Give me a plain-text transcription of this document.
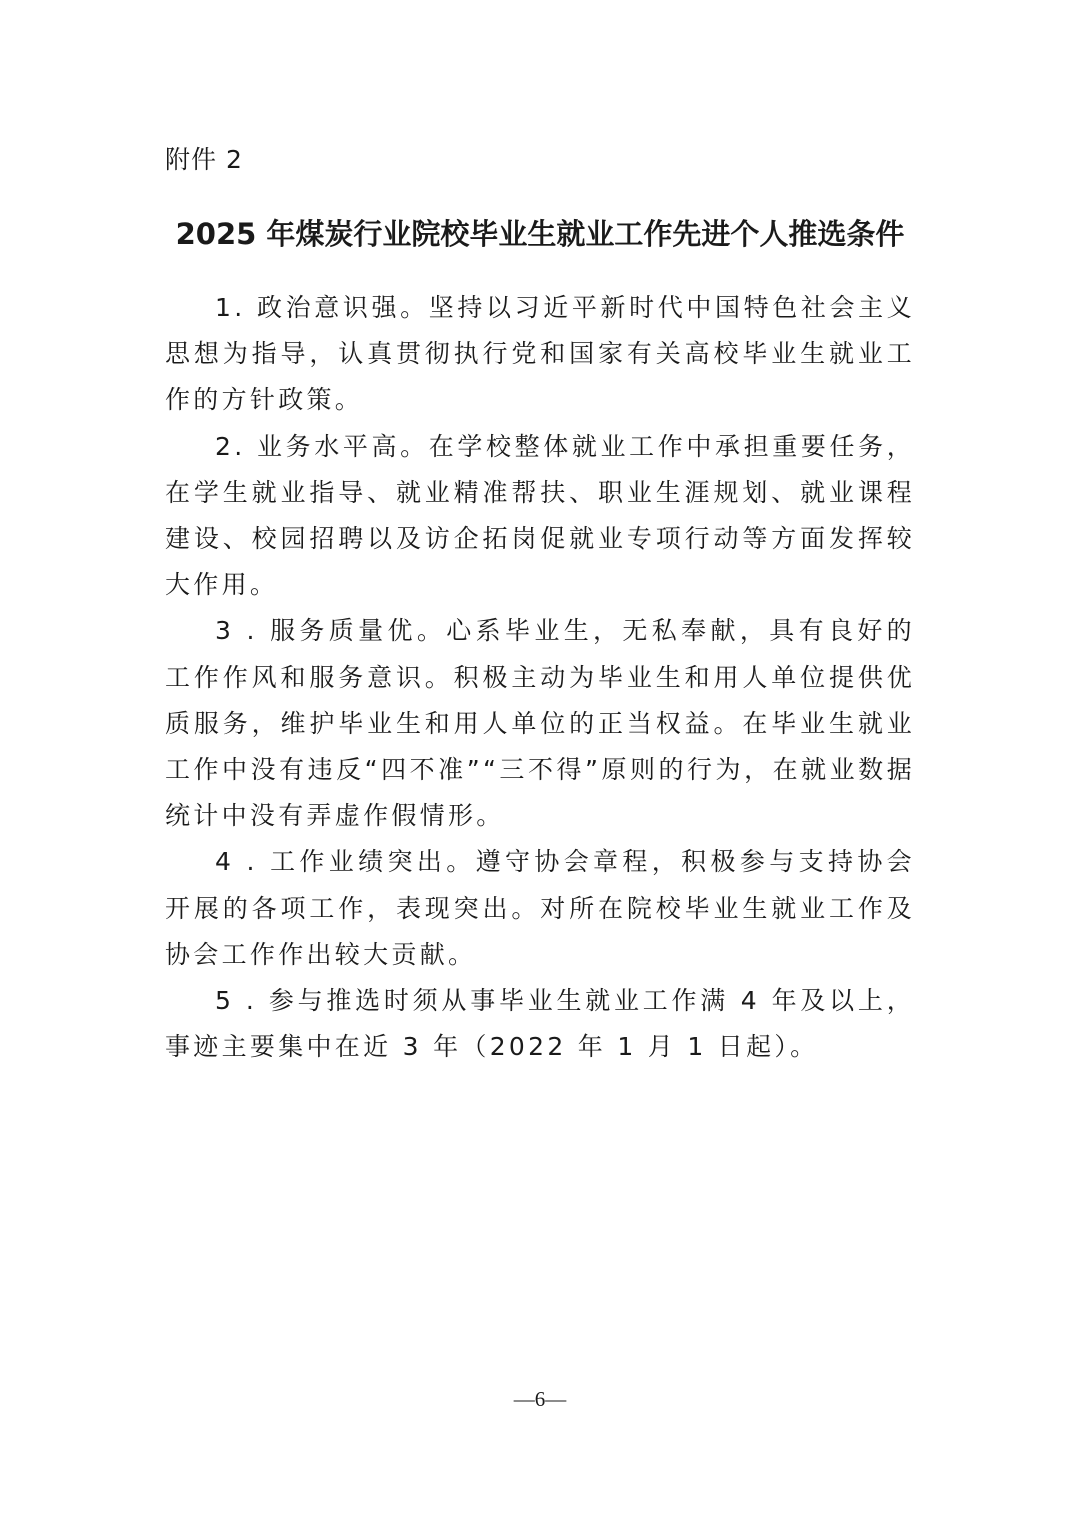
附件 2
2025 年煤炭行业院校毕业生就业工作先进个人推选条件

1. 政治意识强。坚持以习近平新时代中国特色社会主义思想为指导，认真贯彻执行党和国家有关高校毕业生就业工作的方针政策。

2. 业务水平高。在学校整体就业工作中承担重要任务，在学生就业指导、就业精准帮扶、职业生涯规划、就业课程建设、校园招聘以及访企拓岗促就业专项行动等方面发挥较大作用。

3 . 服务质量优。心系毕业生，无私奉献，具有良好的工作作风和服务意识。积极主动为毕业生和用人单位提供优质服务，维护毕业生和用人单位的正当权益。在毕业生就业工作中没有违反“四不准”“三不得”原则的行为，在就业数据统计中没有弄虚作假情形。

4 . 工作业绩突出。遵守协会章程，积极参与支持协会开展的各项工作，表现突出。对所在院校毕业生就业工作及协会工作作出较大贡献。

5 . 参与推选时须从事毕业生就业工作满 4 年及以上，事迹主要集中在近 3 年（2022 年 1 月 1 日起）。

—6—
